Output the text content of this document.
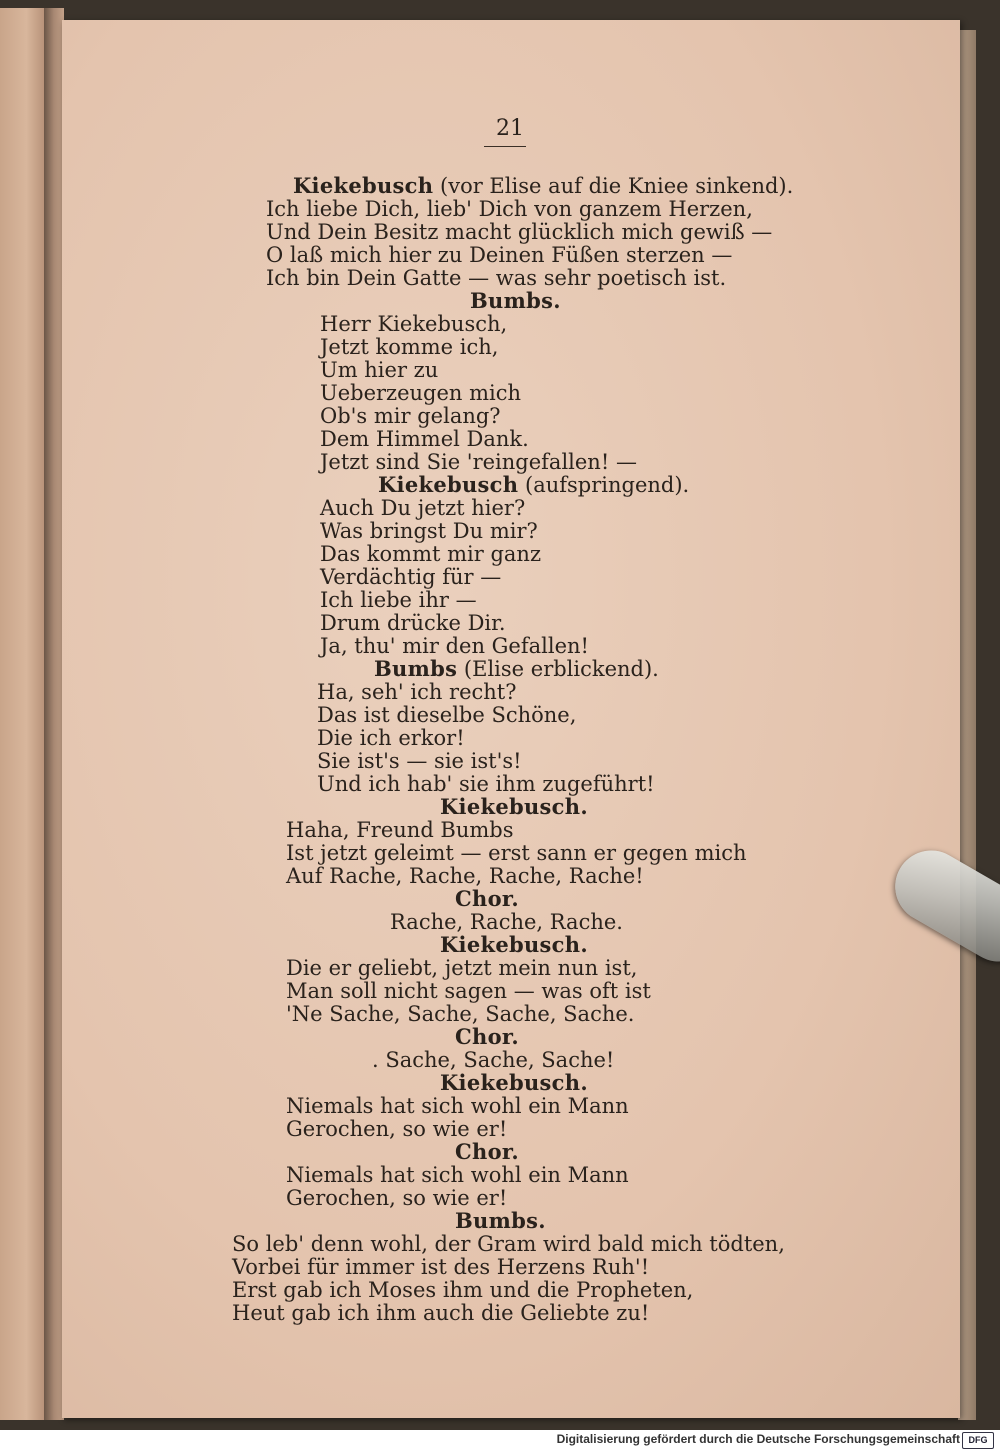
21
Kiekebusch (vor Elise auf die Kniee sinkend).
Ich liebe Dich, lieb' Dich von ganzem Herzen,
Und Dein Besitz macht glücklich mich gewiß —
O laß mich hier zu Deinen Füßen sterzen —
Ich bin Dein Gatte — was sehr poetisch ist.
Bumbs.
Herr Kiekebusch,
Jetzt komme ich,
Um hier zu
Ueberzeugen mich
Ob's mir gelang?
Dem Himmel Dank.
Jetzt sind Sie 'reingefallen! —
Kiekebusch (aufspringend).
Auch Du jetzt hier?
Was bringst Du mir?
Das kommt mir ganz
Verdächtig für —
Ich liebe ihr —
Drum drücke Dir.
Ja, thu' mir den Gefallen!
Bumbs (Elise erblickend).
Ha, seh' ich recht?
Das ist dieselbe Schöne,
Die ich erkor!
Sie ist's — sie ist's!
Und ich hab' sie ihm zugeführt!
Kiekebusch.
Haha, Freund Bumbs
Ist jetzt geleimt — erst sann er gegen mich
Auf Rache, Rache, Rache, Rache!
Chor.
Rache, Rache, Rache.
Kiekebusch.
Die er geliebt, jetzt mein nun ist,
Man soll nicht sagen — was oft ist
'Ne Sache, Sache, Sache, Sache.
Chor.
. Sache, Sache, Sache!
Kiekebusch.
Niemals hat sich wohl ein Mann
Gerochen, so wie er!
Chor.
Niemals hat sich wohl ein Mann
Gerochen, so wie er!
Bumbs.
So leb' denn wohl, der Gram wird bald mich tödten,
Vorbei für immer ist des Herzens Ruh'!
Erst gab ich Moses ihm und die Propheten,
Heut gab ich ihm auch die Geliebte zu!
Digitalisierung gefördert durch die Deutsche Forschungsgemeinschaft DFG
